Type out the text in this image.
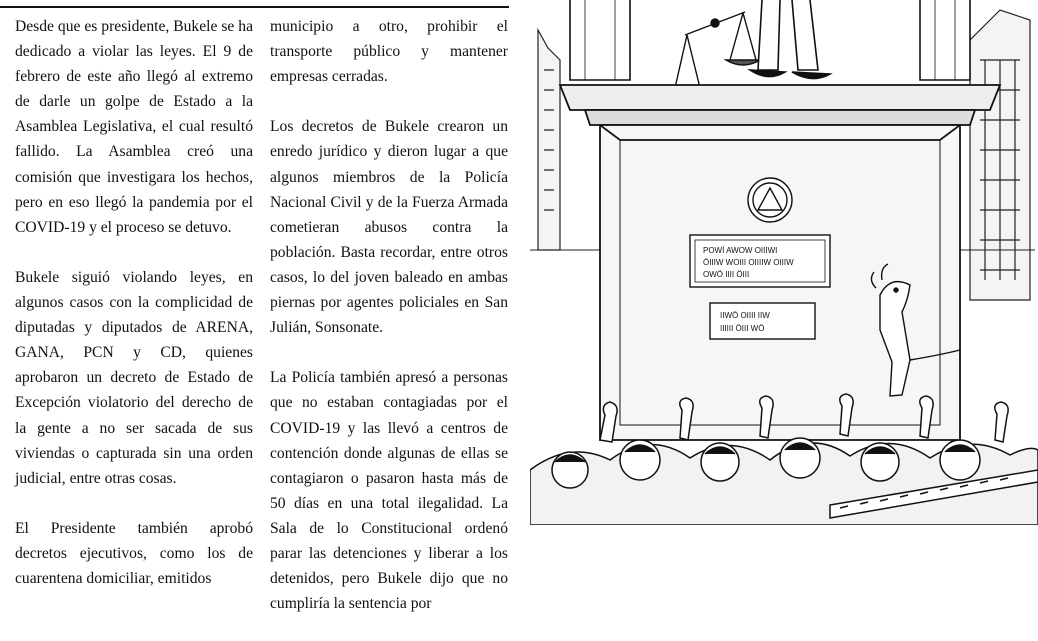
Desde que es presidente, Bukele se ha dedicado a violar las leyes. El 9 de febrero de este año llegó al extremo de darle un golpe de Estado a la Asamblea Legislativa, el cual resultó fallido. La Asamblea creó una comisión que investigara los hechos, pero en eso llegó la pandemia por el COVID-19 y el proceso se detuvo.

Bukele siguió violando leyes, en algunos casos con la complicidad de diputadas y diputados de ARENA, GANA, PCN y CD, quienes aprobaron un decreto de Estado de Excepción violatorio del derecho de la gente a no ser sacada de sus viviendas o capturada sin una orden judicial, entre otras cosas.

El Presidente también aprobó decretos ejecutivos, como los de cuarentena domiciliar, emitidos

municipio a otro, prohibir el transporte público y mantener empresas cerradas.

Los decretos de Bukele crearon un enredo jurídico y dieron lugar a que algunos miembros de la Policía Nacional Civil y de la Fuerza Armada cometieran abusos contra la población. Basta recordar, entre otros casos, lo del joven baleado en ambas piernas por agentes policiales en San Julián, Sonsonate.

La Policía también apresó a personas que no estaban contagiadas por el COVID-19 y las llevó a centros de contención donde algunas de ellas se contagiaron o pasaron hasta más de 50 días en una total ilegalidad. La Sala de lo Constitucional ordenó parar las detenciones y liberar a los detenidos, pero Bukele dijo que no cumpliría la sentencia por

POWÍ AWOW OIIIWI
ÖIIIW WOIII OIIIIW OIIIW
OWÖ IIII ÖIII
IIWÖ OIIII IIW
IIIIII ÖIII WÖ
